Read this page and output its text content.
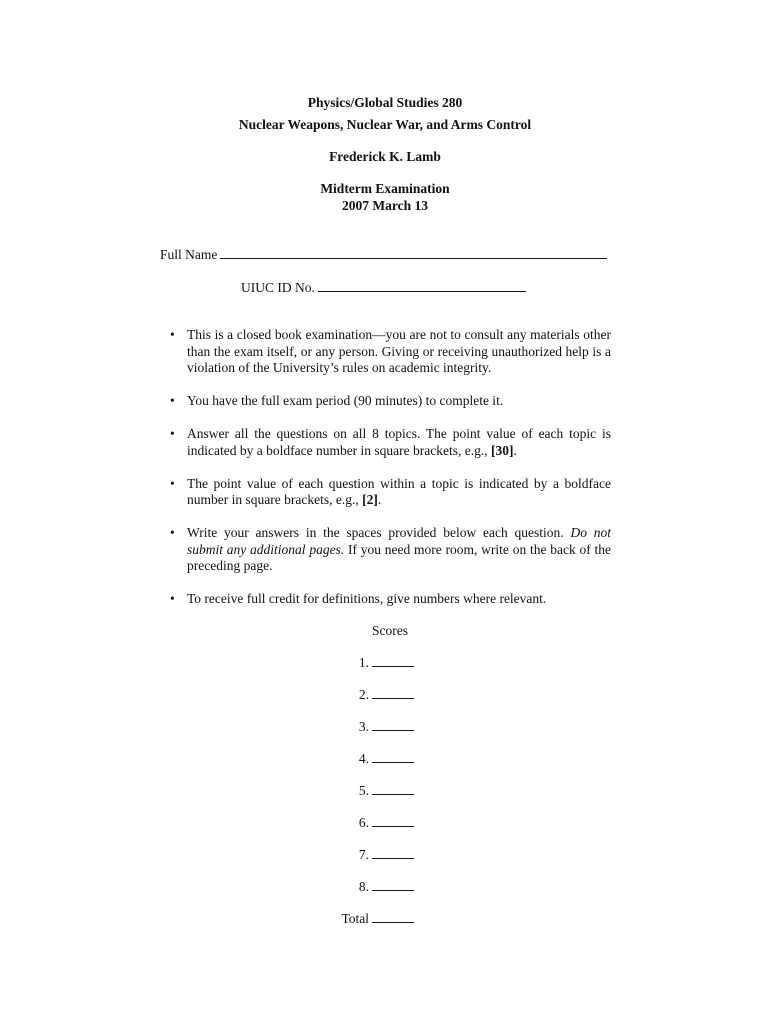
Physics/Global Studies 280
Nuclear Weapons, Nuclear War, and Arms Control
Frederick K. Lamb
Midterm Examination
2007 March 13
Full Name
UIUC ID No.
• This is a closed book examination—you are not to consult any materials other than the exam itself, or any person. Giving or receiving unauthorized help is a violation of the University’s rules on academic integrity.
• You have the full exam period (90 minutes) to complete it.
• Answer all the questions on all 8 topics. The point value of each topic is indicated by a boldface number in square brackets, e.g., [30].
• The point value of each question within a topic is indicated by a boldface number in square brackets, e.g., [2].
• Write your answers in the spaces provided below each question. Do not submit any additional pages. If you need more room, write on the back of the preceding page.
• To receive full credit for definitions, give numbers where relevant.
Scores
1.
2.
3.
4.
5.
6.
7.
8.
Total
